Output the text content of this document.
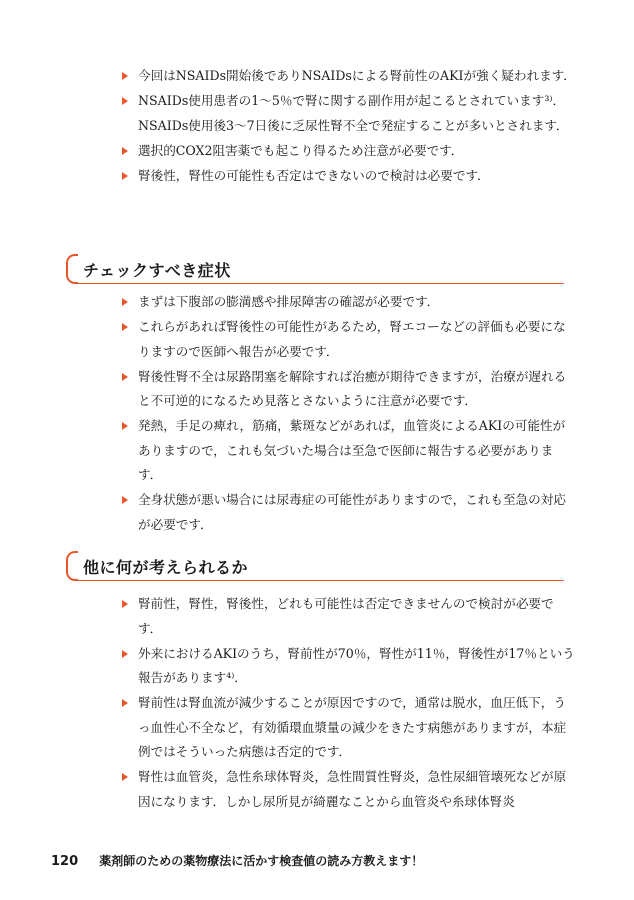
今回はNSAIDs開始後でありNSAIDsによる腎前性のAKIが強く疑われます．
NSAIDs使用患者の1～5％で腎に関する副作用が起こるとされています³⁾．NSAIDs使用後3～7日後に乏尿性腎不全で発症することが多いとされます．
選択的COX2阻害薬でも起こり得るため注意が必要です．
腎後性，腎性の可能性も否定はできないので検討は必要です．
チェックすべき症状
まずは下腹部の膨満感や排尿障害の確認が必要です．
これらがあれば腎後性の可能性があるため，腎エコーなどの評価も必要になりますので医師へ報告が必要です．
腎後性腎不全は尿路閉塞を解除すれば治癒が期待できますが，治療が遅れると不可逆的になるため見落とさないように注意が必要です．
発熱，手足の痺れ，筋痛，紫斑などがあれば，血管炎によるAKIの可能性がありますので，これも気づいた場合は至急で医師に報告する必要があります．
全身状態が悪い場合には尿毒症の可能性がありますので，これも至急の対応が必要です．
他に何が考えられるか
腎前性，腎性，腎後性，どれも可能性は否定できませんので検討が必要です．
外来におけるAKIのうち，腎前性が70％，腎性が11％，腎後性が17％という報告があります⁴⁾．
腎前性は腎血流が減少することが原因ですので，通常は脱水，血圧低下，うっ血性心不全など，有効循環血漿量の減少をきたす病態がありますが，本症例ではそういった病態は否定的です．
腎性は血管炎，急性糸球体腎炎，急性間質性腎炎，急性尿細管壊死などが原因になります．しかし尿所見が綺麗なことから血管炎や糸球体腎炎
120 薬剤師のための薬物療法に活かす検査値の読み方教えます！
